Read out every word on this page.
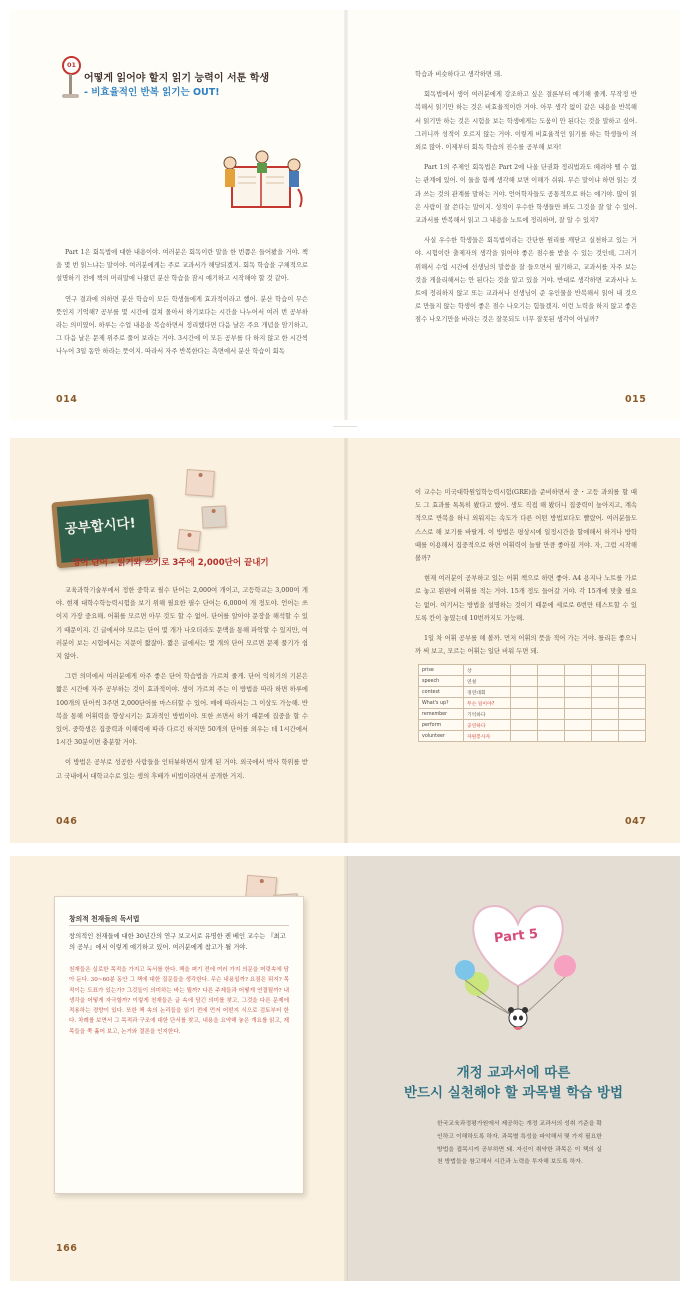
01
어떻게 읽어야 할지 읽기 능력이 서툰 학생
- 비효율적인 반복 읽기는 OUT!

Part 1은 회독법에 대한 내용이야. 여러분은 회독이란 말을 한 번쯤은 들어봤을 거야. 책을 몇 번 읽느냐는 말이야. 여러분에게는 주로 교과서가 해당되겠지. 회독 학습을 구체적으로 설명하기 전에 책의 머리말에 나왔던 분산 학습을 잠시 얘기하고 시작해야 할 것 같아.

연구 결과에 의하면 분산 학습이 모든 학생들에게 효과적이라고 했어. 분산 학습이 무슨 뜻인지 기억해? 공부를 몇 시간에 걸쳐 몰아서 하기보다는 시간을 나누어서 여러 번 공부하라는 의미였어. 하루는 수업 내용을 복습하면서 정리했다면 다음 날은 주요 개념을 암기하고, 그 다음 날은 문제 위주로 풀어 보라는 거야. 3시간에 이 모든 공부를 다 하지 않고 한 시간씩 나누어 3일 동안 하라는 뜻이지. 따라서 자주 반복한다는 측면에서 분산 학습이 회독

014

학습과 비슷하다고 생각하면 돼.

회독법에서 생이 여러분에게 강조하고 싶은 결론부터 얘기해 줄게. 무작정 반복해서 읽기만 하는 것은 비효율적이란 거야. 아무 생각 없이 같은 내용을 반복해서 읽기만 하는 것은 시험을 보는 학생에게는 도움이 안 된다는 것을 말하고 싶어. 그러니까 성적이 오르지 않는 거야. 이렇게 비효율적인 읽기를 하는 학생들이 의외로 많아. 이제부터 회독 학습의 진수를 공부해 보자!

Part 1의 주제인 회독법은 Part 2에 나올 단권화 정리법과도 떼려야 뗄 수 없는 관계에 있어. 이 둘을 함께 생각해 보면 이해가 쉬워. 무슨 말이냐 하면 읽는 것과 쓰는 것의 관계를 말하는 거야. 언어학자들도 공통적으로 하는 얘기야. 많이 읽은 사람이 잘 쓴다는 말이지. 성적이 우수한 학생들만 봐도 그것을 잘 알 수 있어. 교과서를 반복해서 읽고 그 내용을 노트에 정리하며, 잘 알 수 있지?

사실 우수한 학생들은 회독법이라는 간단한 원리를 깨닫고 실천하고 있는 거야. 시험이란 출제자의 생각을 읽어야 좋은 점수를 받을 수 있는 것인데, 그러기 위해서 수업 시간에 선생님의 말씀을 잘 들으면서 필기하고, 교과서를 자주 보는 것을 게을리해서는 안 된다는 것을 알고 있을 거야. 반대로 생각하면 교과서나 노트에 정리하지 않고 또는 교과서나 선생님이 준 유인물을 반복해서 읽어 내 것으로 만들지 않는 학생이 좋은 점수 나오기는 힘들겠지. 이런 노력을 하지 않고 좋은 점수 나오기만을 바라는 것은 잘못되도 너무 잘못된 생각이 아닐까?

015
공부합시다!
영어 단어 - 읽기와 쓰기로 3주에 2,000단어 끝내기

교육과학기술부에서 정한 중학교 필수 단어는 2,000여 개이고, 고등학교는 3,000여 개야. 현재 대학수학능력시험을 보기 위해 필요한 필수 단어는 6,000여 개 정도야. 언어는 쓰이지 가장 중요해. 어휘를 모르면 아무 것도 할 수 없어. 단어를 알아야 문장을 해석할 수 있기 때문이지. 긴 글에서야 모르는 단어 몇 개가 나오더라도 문맥을 통해 파악할 수 있지만, 여러분이 보는 시험에서는 지문이 짧잖아. 짧은 글에서는 몇 개의 단어 모르면 문제 풀기가 쉽지 않아.

그런 의미에서 여러분에게 아주 좋은 단어 학습법을 가르쳐 줄게. 단어 익히기의 기본은 짧은 시간에 자주 공부하는 것이 효과적이야. 생이 가르쳐 주는 이 방법을 따라 하면 하루에 100개의 단어씩 3주면 2,000단어를 마스터할 수 있어. 매에 따라서는 그 이상도 가능해. 반복을 통해 어휘력을 향상시키는 효과적인 방법이야. 또한 쓰면서 하기 때문에 집중을 할 수 있어. 중학생은 집중력과 이해력에 따라 다르긴 하지만 50개의 단어를 외우는 데 1시간에서 1시간 30분이면 충분할 거야.

이 방법은 공부로 성공한 사람들을 인터뷰하면서 알게 된 거야. 외국에서 박사 학위를 받고 국내에서 대학교수로 있는 생의 후배가 비법이라면서 공개한 거지.

046

이 교수는 미국대학원입학능력시험(GRE)을 준비하면서 중・고등 과외를 할 때도 그 효과를 톡톡히 봤다고 했어. 생도 직접 해 봤더니 집중력이 높아지고, 계속적으로 반복을 하니 외워지는 속도가 다른 어떤 방법보다도 빨랐어. 여러분들도 스스로 해 보기를 바랄게. 이 방법은 평상시에 일정시간을 할애해서 하거나 방학 때를 이용해서 집중적으로 하면 어휘력이 놀랄 만큼 좋아질 거야. 자, 그럼 시작해 볼까?

현재 여러분이 공부하고 있는 어휘 책으로 하면 좋아. A4 용지나 노트를 가로로 놓고 왼편에 어휘를 적는 거야. 15개 정도 들어갈 거야. 각 15개에 맞출 필요는 없어. 여기서는 방법을 설명하는 것이기 때문에 세로로 6번만 테스트할 수 있도록 칸이 놓였는데 10번까지도 가능해.

1일 차 어휘 공부를 해 볼까. 먼저 어휘의 뜻을 적어 가는 거야. 틀리든 좋으니까 써 보고, 모르는 어휘는 일단 비워 두면 돼.

prise	상					
speech	연설					
contest	경연대회					
What's up?	무슨 일이야?					
remember	기억하다					
perform	공연하다					
volunteer	자원봉사자					
047
창의적 천재들의 독서법

창의적인 천재들에 대한 30년간의 연구 보고서로 유명한 켄 베인 교수는 『최고의 공부』에서 이렇게 얘기하고 있어. 여러분에게 참고가 될 거야.

천재들은 실로한 목적을 가지고 독서를 한다. 책을 펴기 전에 여러 가지 의문을 머릿속에 담아 둔다. 30~60분 동안 그 책에 대한 질문들을 생각한다. 무슨 내용일까? 요점은 뭐지? 목적이는 도표가 있는가? 그것들이 의미하는 바는 뭘까? 다른 주제들과 어떻게 연결될까? 내 생각을 어떻게 자극할까? 이렇게 천재들은 글 속에 담긴 의미를 찾고, 그것을 다른 문제에 적용하는 경향이 있다. 또한 책 속의 논리들을 읽기 전에 먼저 어떤지 식으로 검토부터 한다. 차례를 보면서 그 목적과 구조에 대한 단서를 찾고, 내용을 요약해 놓은 개요를 읽고, 제목들을 쭉 훑어 보고, 논거와 결론을 인지한다.

166
Part 5
개정 교과서에 따른
반드시 실천해야 할 과목별 학습 방법

한국교육과정평가원에서 제공하는 개정 교과서의 성취 기준을 확인하고 이해하도록 하자. 과목별 특성을 파악해서 몇 가지 필요한 방법을 접목시켜 공부하면 돼. 자신이 취약한 과목은 이 책의 실천 방법들을 참고해서 시간과 노력을 투자해 보도록 하자.
